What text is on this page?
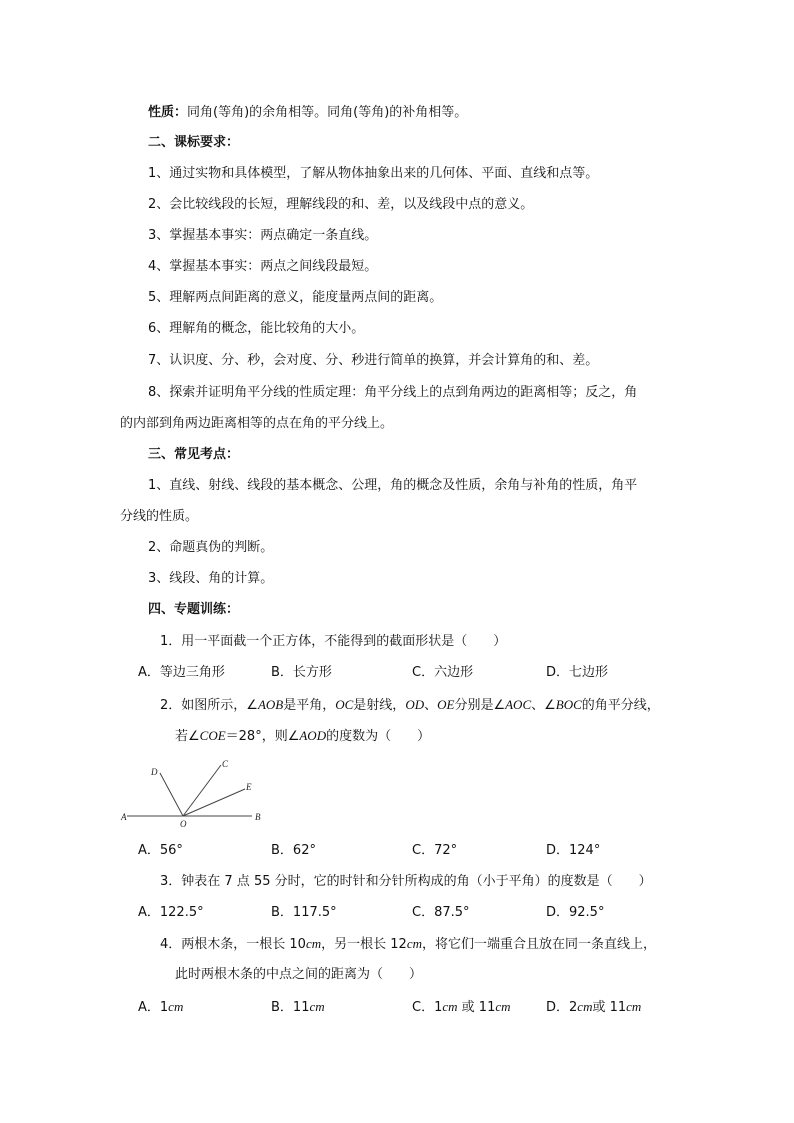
性质：同角(等角)的余角相等。同角(等角)的补角相等。
二、课标要求：
1、通过实物和具体模型，了解从物体抽象出来的几何体、平面、直线和点等。
2、会比较线段的长短，理解线段的和、差，以及线段中点的意义。
3、掌握基本事实：两点确定一条直线。
4、掌握基本事实：两点之间线段最短。
5、理解两点间距离的意义，能度量两点间的距离。
6、理解角的概念，能比较角的大小。
7、认识度、分、秒，会对度、分、秒进行简单的换算，并会计算角的和、差。
8、探索并证明角平分线的性质定理：角平分线上的点到角两边的距离相等；反之，角
的内部到角两边距离相等的点在角的平分线上。
三、常见考点：
1、直线、射线、线段的基本概念、公理，角的概念及性质，余角与补角的性质，角平
分线的性质。
2、命题真伪的判断。
3、线段、角的计算。
四、专题训练：
1．用一平面截一个正方体，不能得到的截面形状是（　　）
A．等边三角形	B．长方形	C．六边形	D．七边形
2．如图所示，∠AOB是平角，OC是射线，OD、OE分别是∠AOC、∠BOC的角平分线，
若∠COE＝28°，则∠AOD的度数为（　　）
A	B
O
C
D
E
A．56°	B．62°	C．72°	D．124°
3．钟表在 7 点 55 分时，它的时针和分针所构成的角（小于平角）的度数是（　　）
A．122.5°	B．117.5°	C．87.5°	D．92.5°
4．两根木条，一根长 10cm，另一根长 12cm，将它们一端重合且放在同一条直线上，
此时两根木条的中点之间的距离为（　　）
A．1cm	B．11cm	C．1cm 或 11cm	D．2cm或 11cm
